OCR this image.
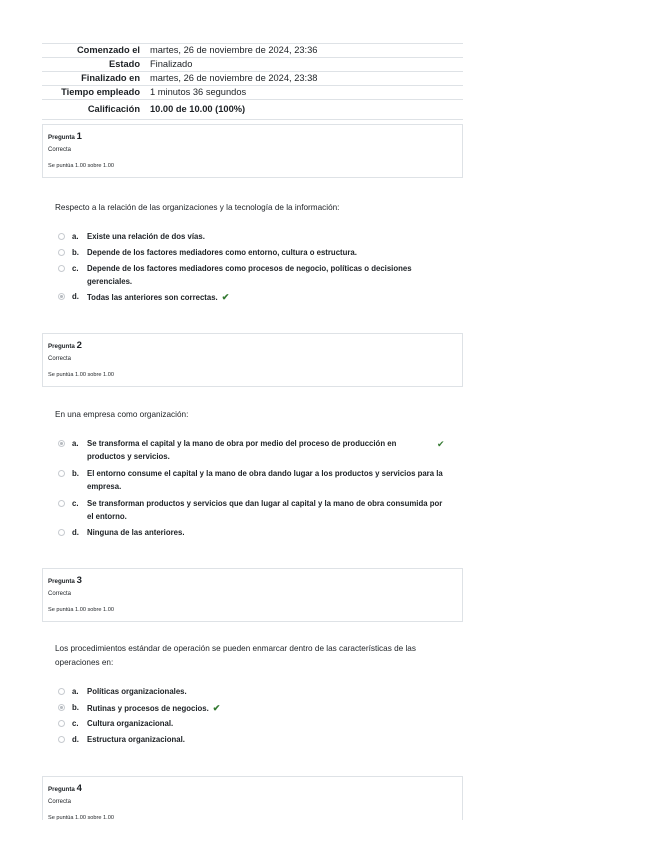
Comenzado el	martes, 26 de noviembre de 2024, 23:36
Estado	Finalizado
Finalizado en	martes, 26 de noviembre de 2024, 23:38
Tiempo empleado	1 minutos 36 segundos
Calificación	10.00 de 10.00 (100%)
Pregunta 1
Correcta
Se puntúa 1.00 sobre 1.00
Respecto a la relación de las organizaciones y la tecnología de la información:
a. Existe una relación de dos vías.
b. Depende de los factores mediadores como entorno, cultura o estructura.
c. Depende de los factores mediadores como procesos de negocio, políticas o decisiones gerenciales.
d. Todas las anteriores son correctas. ✔
Pregunta 2
Correcta
Se puntúa 1.00 sobre 1.00
En una empresa como organización:
a. Se transforma el capital y la mano de obra por medio del proceso de producción en productos y servicios.
✔
b. El entorno consume el capital y la mano de obra dando lugar a los productos y servicios para la empresa.
c. Se transforman productos y servicios que dan lugar al capital y la mano de obra consumida por el entorno.
d. Ninguna de las anteriores.
Pregunta 3
Correcta
Se puntúa 1.00 sobre 1.00
Los procedimientos estándar de operación se pueden enmarcar dentro de las características de las operaciones en:
a. Políticas organizacionales.
b. Rutinas y procesos de negocios. ✔
c. Cultura organizacional.
d. Estructura organizacional.
Pregunta 4
Correcta
Se puntúa 1.00 sobre 1.00
